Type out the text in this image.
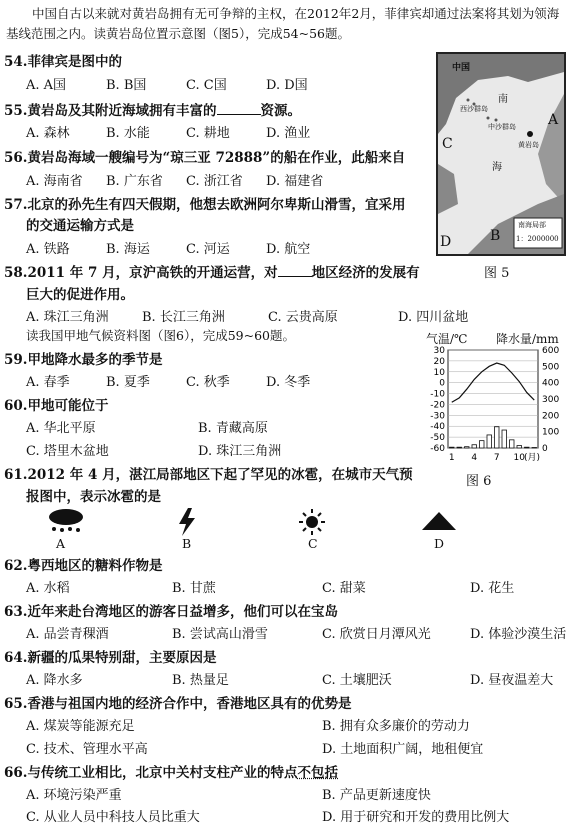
中国自古以来就对黄岩岛拥有无可争辩的主权，在2012年2月，菲律宾却通过法案将其划为领海基线范围之内。读黄岩岛位置示意图（图5），完成54~56题。
54.菲律宾是图中的
A. A国	B. B国	C. C国	D. D国
55.黄岩岛及其附近海域拥有丰富的	资源。
A. 森林	B. 水能	C. 耕地	D. 渔业
56.黄岩岛海域一艘编号为“琼三亚 72888”的船在作业，此船来自
A. 海南省 B. 广东省 C. 浙江省 D. 福建省
57.北京的孙先生有四天假期，他想去欧洲阿尔卑斯山滑雪，宜采用
的交通运输方式是
A. 铁路	B. 海运	C. 河运	D. 航空
58.2011 年 7 月，京沪高铁的开通运营，对	地区经济的发展有
巨大的促进作用。
A. 珠江三角洲	B. 长江三角洲	C. 云贵高原	D. 四川盆地
读我国甲地气候资料图（图6），完成59~60题。
59.甲地降水最多的季节是
A. 春季	B. 夏季	C. 秋季	D. 冬季
60.甲地可能位于
A. 华北平原	B. 青藏高原
C. 塔里木盆地	D. 珠江三角洲
61.2012 年 4 月，湛江局部地区下起了罕见的冰雹，在城市天气预
报图中，表示冰雹的是
A	B	C	D
62.粤西地区的糖料作物是
A. 水稻	B. 甘蔗	C. 甜菜	D. 花生
63.近年来赴台湾地区的游客日益增多，他们可以在宝岛
A. 品尝青稞酒	B. 尝试高山滑雪	C. 欣赏日月潭风光	D. 体验沙漠生活
64.新疆的瓜果特别甜，主要原因是
A. 降水多	B. 热量足	C. 土壤肥沃	D. 昼夜温差大
65.香港与祖国内地的经济合作中，香港地区具有的优势是
A. 煤炭等能源充足	B. 拥有众多廉价的劳动力
C. 技术、管理水平高	D. 土地面积广阔，地租便宜
66.与传统工业相比，北京中关村支柱产业的特点不包括
A. 环境污染严重	B. 产品更新速度快
C. 从业人员中科技人员比重大	D. 用于研究和开发的费用比例大
中国
南
西沙群岛
中沙群岛
黄岩岛
海
A
B
C
D
南海局部
1：2000000
图 5
气温/℃ 降水量/mm
30
20
10
0
-10
-20
-30
-40
-50
-60
600
500
400
300
200
100
0
1 4 7 10 (月)
图 6
